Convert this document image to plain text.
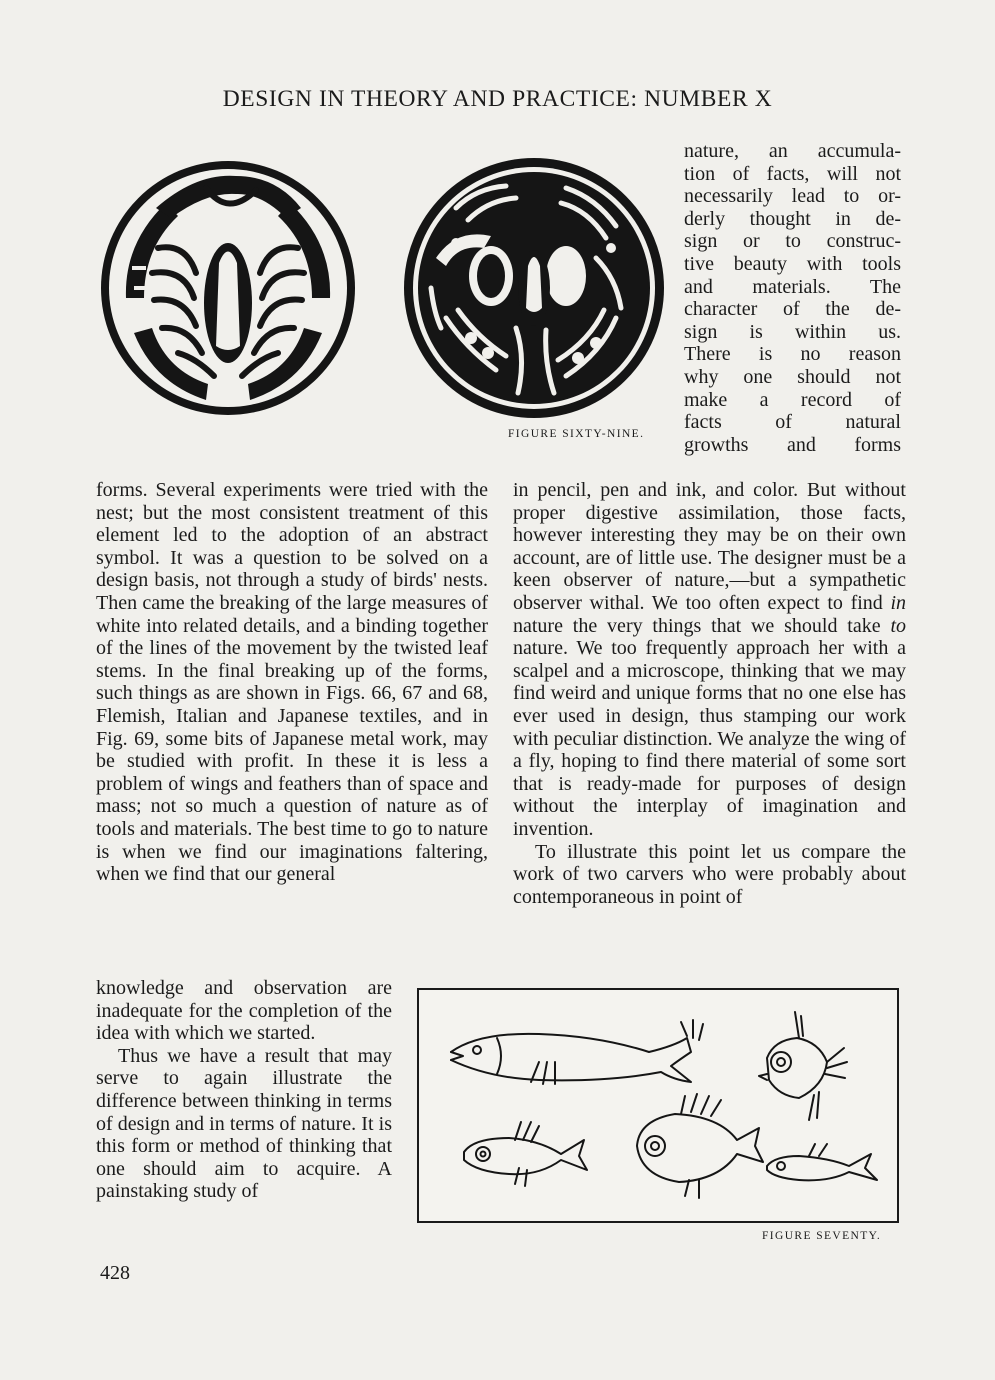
DESIGN IN THEORY AND PRACTICE: NUMBER X
FIGURE SIXTY-NINE.
nature, an accumula-
tion of facts, will not
necessarily lead to or-
derly thought in de-
sign or to construc-
tive beauty with tools
and materials. The
character of the de-
sign is within us.
There is no reason
why one should not
make a record of
facts of natural
growths and forms

forms. Several experiments were tried with the nest; but the most consistent treatment of this element led to the adoption of an abstract symbol. It was a question to be solved on a design basis, not through a study of birds' nests. Then came the breaking of the large measures of white into related details, and a binding together of the lines of the movement by the twisted leaf stems. In the final breaking up of the forms, such things as are shown in Figs. 66, 67 and 68, Flemish, Italian and Japanese textiles, and in Fig. 69, some bits of Japanese metal work, may be studied with profit. In these it is less a problem of wings and feathers than of space and mass; not so much a question of nature as of tools and materials. The best time to go to nature is when we find our imaginations faltering, when we find that our general

knowledge and observation are inadequate for the completion of the idea with which we started.

Thus we have a result that may serve to again illustrate the difference between thinking in terms of design and in terms of nature. It is this form or method of thinking that one should aim to acquire. A painstaking study of

in pencil, pen and ink, and color. But without proper digestive assimilation, those facts, however interesting they may be on their own account, are of little use. The designer must be a keen observer of nature,—but a sympathetic observer withal. We too often expect to find in nature the very things that we should take to nature. We too frequently approach her with a scalpel and a microscope, thinking that we may find weird and unique forms that no one else has ever used in design, thus stamping our work with peculiar distinction. We analyze the wing of a fly, hoping to find there material of some sort that is ready-made for purposes of design without the interplay of imagination and invention.

To illustrate this point let us compare the work of two carvers who were probably about contemporaneous in point of

FIGURE SEVENTY.
428
